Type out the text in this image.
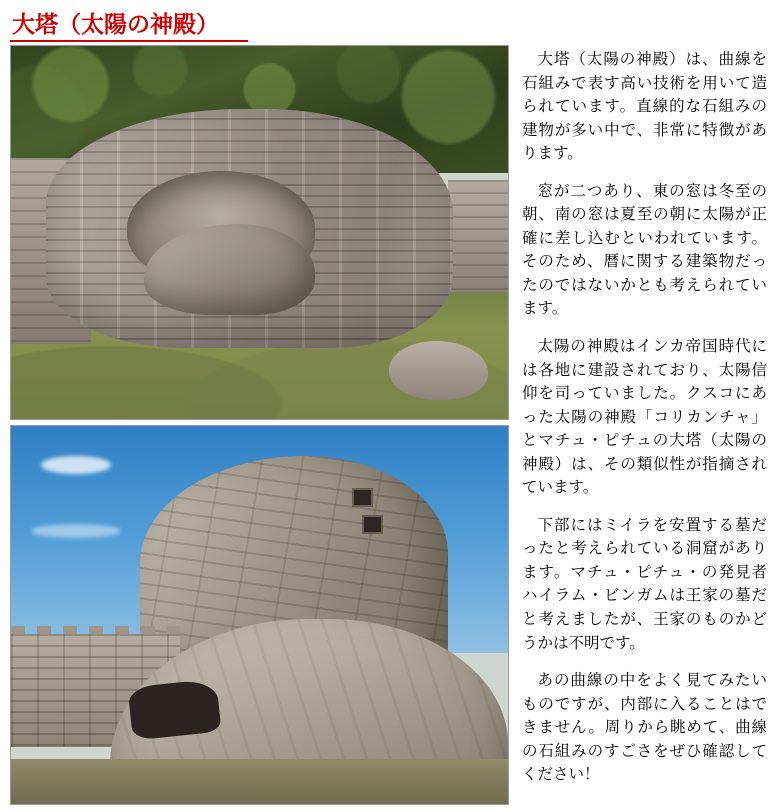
大塔（太陽の神殿）

大塔（太陽の神殿）は、曲線を石組みで表す高い技術を用いて造られています。直線的な石組みの建物が多い中で、非常に特徴があります。

窓が二つあり、東の窓は冬至の朝、南の窓は夏至の朝に太陽が正確に差し込むといわれています。そのため、暦に関する建築物だったのではないかとも考えられています。

太陽の神殿はインカ帝国時代には各地に建設されており、太陽信仰を司っていました。クスコにあった太陽の神殿「コリカンチャ」とマチュ・ピチュの大塔（太陽の神殿）は、その類似性が指摘されています。

下部にはミイラを安置する墓だったと考えられている洞窟があります。マチュ・ピチュ・の発見者ハイラム・ビンガムは王家の墓だと考えましたが、王家のものかどうかは不明です。

あの曲線の中をよく見てみたいものですが、内部に入ることはできません。周りから眺めて、曲線の石組みのすごさをぜひ確認してください！
